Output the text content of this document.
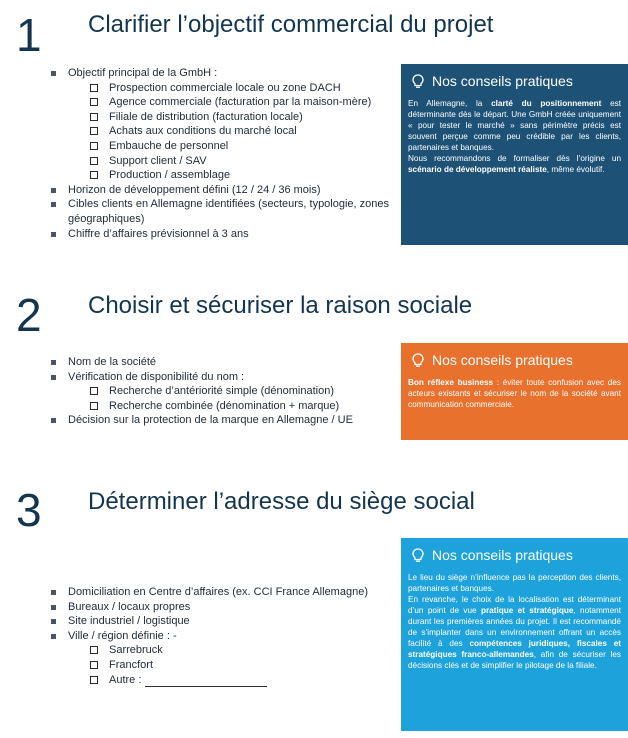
1 Clarifier l’objectif commercial du projet
Objectif principal de la GmbH :
Prospection commerciale locale ou zone DACH
Agence commerciale (facturation par la maison-mère)
Filiale de distribution (facturation locale)
Achats aux conditions du marché local
Embauche de personnel
Support client / SAV
Production / assemblage
Horizon de développement défini (12 / 24 / 36 mois)
Cibles clients en Allemagne identifiées (secteurs, typologie, zones géographiques)
Chiffre d’affaires prévisionnel à 3 ans
Nos conseils pratiques

En Allemagne, la clarté du positionnement est déterminante dès le départ. Une GmbH créée uniquement « pour tester le marché » sans périmètre précis est souvent perçue comme peu crédible par les clients, partenaires et banques.

Nous recommandons de formaliser dès l’origine un scénario de développement réaliste, même évolutif.

2 Choisir et sécuriser la raison sociale
Nom de la société
Vérification de disponibilité du nom :
Recherche d’antériorité simple (dénomination)
Recherche combinée (dénomination + marque)
Décision sur la protection de la marque en Allemagne / UE
Nos conseils pratiques

Bon réflexe business : éviter toute confusion avec des acteurs existants et sécuriser le nom de la société avant communication commerciale.

3 Déterminer l’adresse du siège social
Domiciliation en Centre d’affaires (ex. CCI France Allemagne)
Bureaux / locaux propres
Site industriel / logistique
Ville / région définie : -
Sarrebruck
Francfort
Autre :
Nos conseils pratiques

Le lieu du siège n’influence pas la perception des clients, partenaires et banques.

En revanche, le choix de la localisation est déterminant d’un point de vue pratique et stratégique, notamment durant les premières années du projet. Il est recommandé de s’implanter dans un environnement offrant un accès facilité à des compétences juridiques, fiscales et stratégiques franco-allemandes, afin de sécuriser les décisions clés et de simplifier le pilotage de la filiale.
